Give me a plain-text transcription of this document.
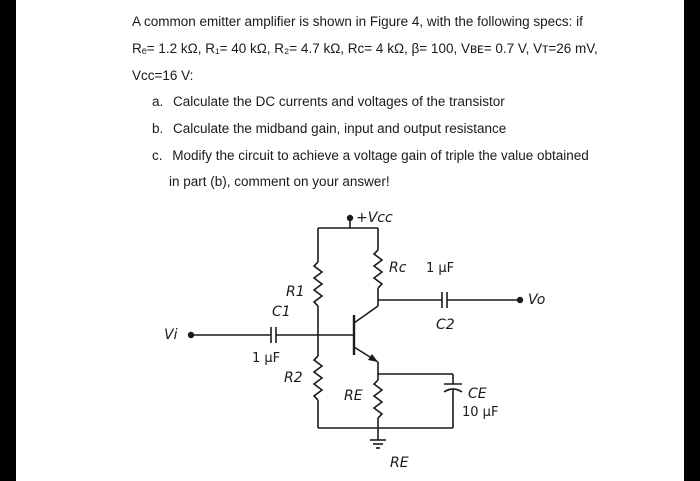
A common emitter amplifier is shown in Figure 4, with the following specs: if
Rₑ= 1.2 kΩ, R₁= 40 kΩ, R₂= 4.7 kΩ, Rc= 4 kΩ, β= 100, Vʙᴇ= 0.7 V, Vᴛ=26 mV,
Vcc=16 V:
a. Calculate the DC currents and voltages of the transistor
b. Calculate the midband gain, input and output resistance
c. Modify the circuit to achieve a voltage gain of triple the value obtained
in part (b), comment on your answer!
+Vcc
Vi
Vo
R1
C1
1 μF
R2
Rc 1 μF
C2
RE	CE
10 μF
RE
